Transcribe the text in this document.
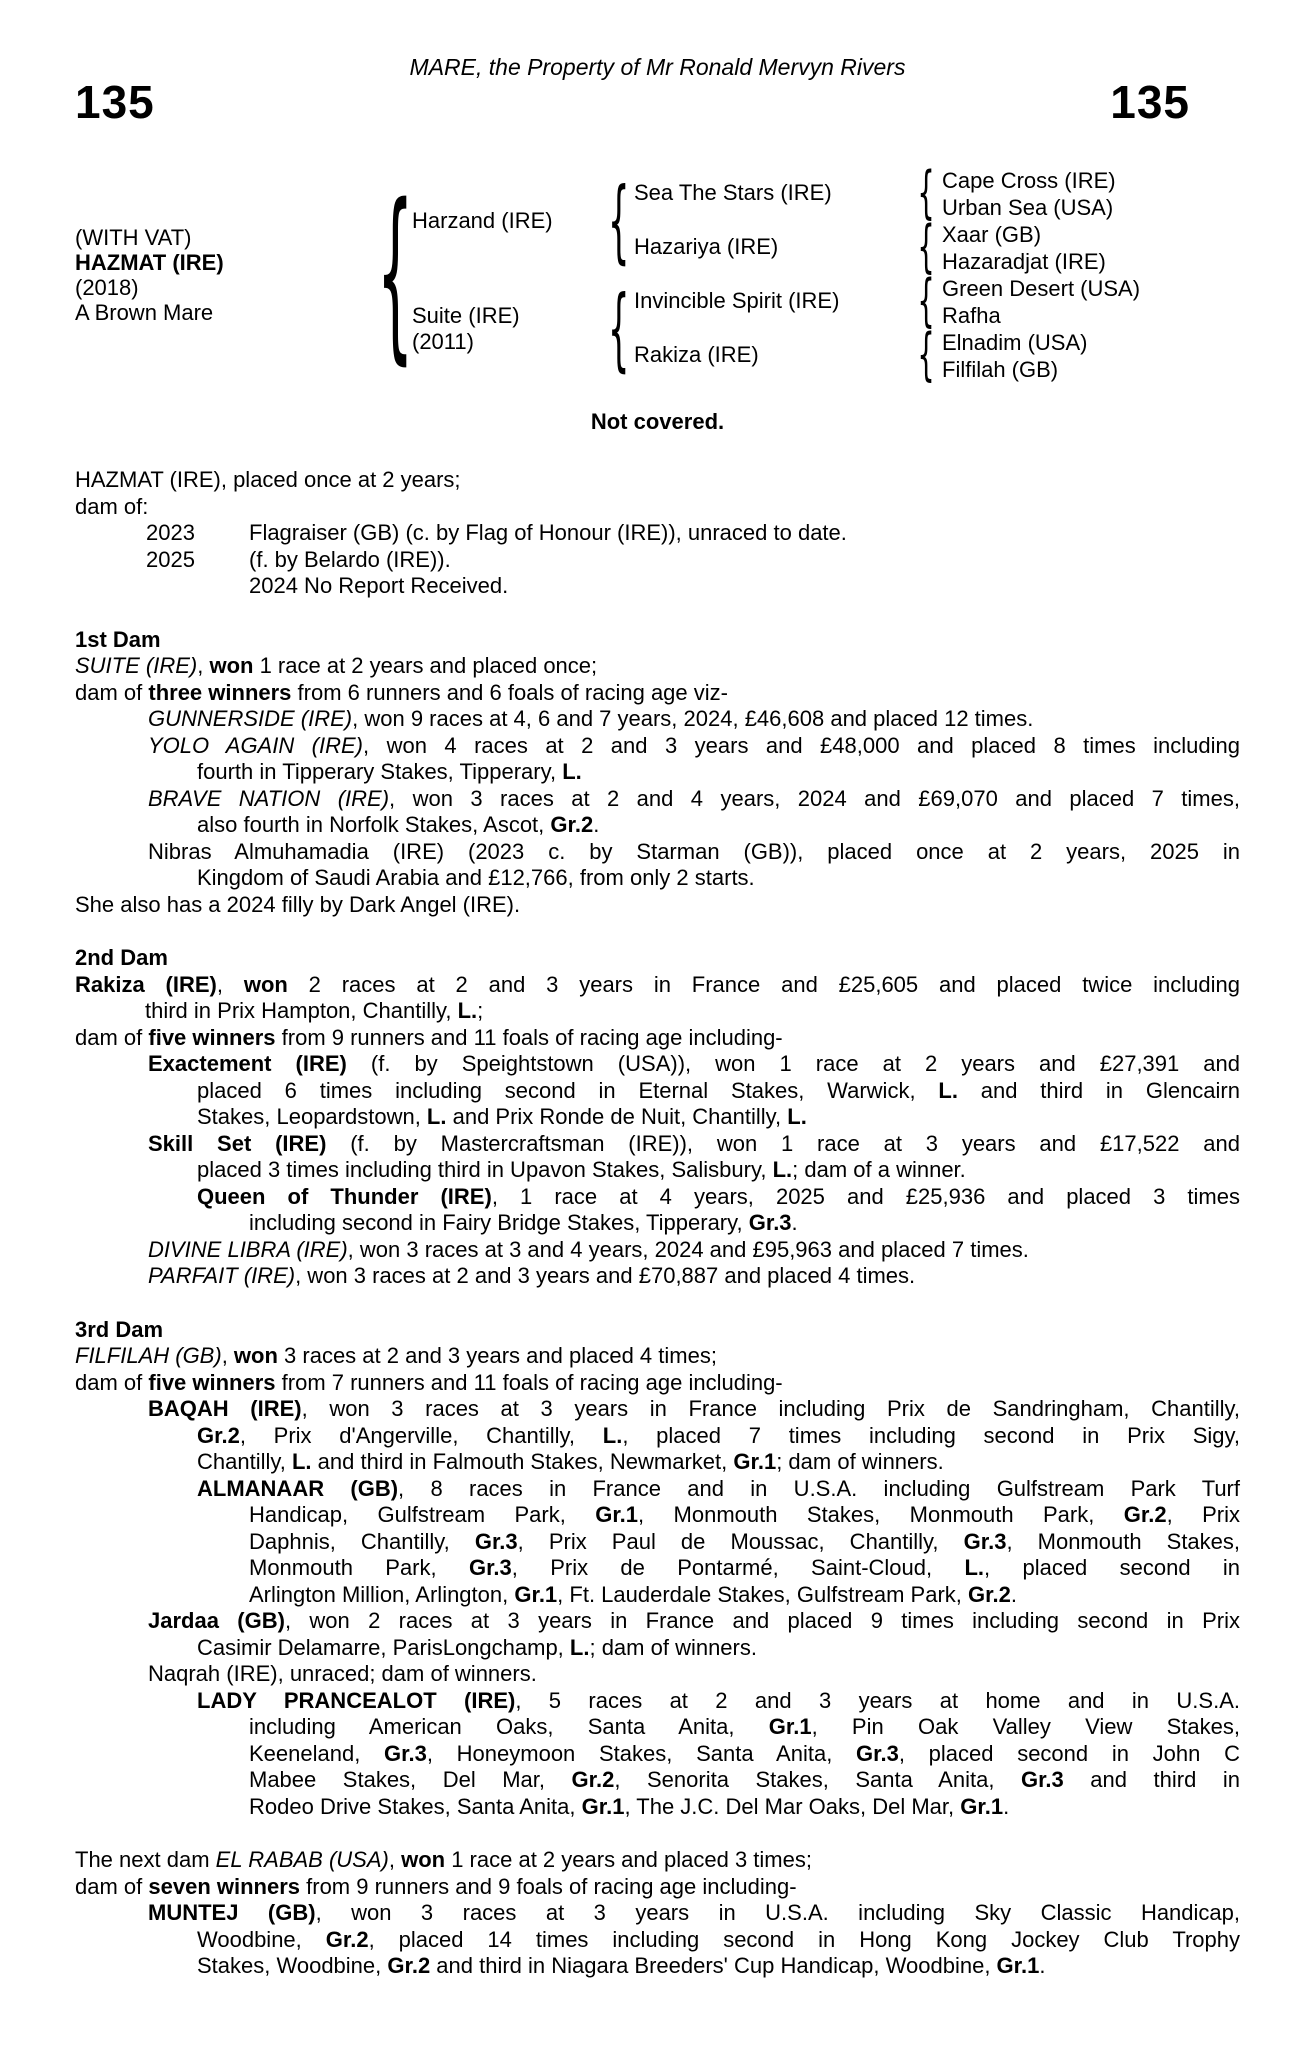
MARE, the Property of Mr Ronald Mervyn Rivers
135	135
(WITH VAT)
HAZMAT (IRE)
(2018)
A Brown Mare
{
Harzand (IRE)
Suite (IRE)
(2011)
{
{
Sea The Stars (IRE)
Hazariya (IRE)
Invincible Spirit (IRE)
Rakiza (IRE)
{
{
{
{
Cape Cross (IRE)
Urban Sea (USA)
Xaar (GB)
Hazaradjat (IRE)
Green Desert (USA)
Rafha
Elnadim (USA)
Filfilah (GB)
Not covered.
HAZMAT (IRE), placed once at 2 years;
dam of:
2023	Flagraiser (GB) (c. by Flag of Honour (IRE)), unraced to date.
2025	(f. by Belardo (IRE)).
2024 No Report Received.
1st Dam
SUITE (IRE), won 1 race at 2 years and placed once;
dam of three winners from 6 runners and 6 foals of racing age viz-
GUNNERSIDE (IRE), won 9 races at 4, 6 and 7 years, 2024, £46,608 and placed 12 times.
YOLO AGAIN (IRE), won 4 races at 2 and 3 years and £48,000 and placed 8 times including
fourth in Tipperary Stakes, Tipperary, L.
BRAVE NATION (IRE), won 3 races at 2 and 4 years, 2024 and £69,070 and placed 7 times,
also fourth in Norfolk Stakes, Ascot, Gr.2.
Nibras Almuhamadia (IRE) (2023 c. by Starman (GB)), placed once at 2 years, 2025 in
Kingdom of Saudi Arabia and £12,766, from only 2 starts.
She also has a 2024 filly by Dark Angel (IRE).
2nd Dam
Rakiza (IRE), won 2 races at 2 and 3 years in France and £25,605 and placed twice including
third in Prix Hampton, Chantilly, L.;
dam of five winners from 9 runners and 11 foals of racing age including-
Exactement (IRE) (f. by Speightstown (USA)), won 1 race at 2 years and £27,391 and
placed 6 times including second in Eternal Stakes, Warwick, L. and third in Glencairn
Stakes, Leopardstown, L. and Prix Ronde de Nuit, Chantilly, L.
Skill Set (IRE) (f. by Mastercraftsman (IRE)), won 1 race at 3 years and £17,522 and
placed 3 times including third in Upavon Stakes, Salisbury, L.; dam of a winner.
Queen of Thunder (IRE), 1 race at 4 years, 2025 and £25,936 and placed 3 times
including second in Fairy Bridge Stakes, Tipperary, Gr.3.
DIVINE LIBRA (IRE), won 3 races at 3 and 4 years, 2024 and £95,963 and placed 7 times.
PARFAIT (IRE), won 3 races at 2 and 3 years and £70,887 and placed 4 times.
3rd Dam
FILFILAH (GB), won 3 races at 2 and 3 years and placed 4 times;
dam of five winners from 7 runners and 11 foals of racing age including-
BAQAH (IRE), won 3 races at 3 years in France including Prix de Sandringham, Chantilly,
Gr.2, Prix d'Angerville, Chantilly, L., placed 7 times including second in Prix Sigy,
Chantilly, L. and third in Falmouth Stakes, Newmarket, Gr.1; dam of winners.
ALMANAAR (GB), 8 races in France and in U.S.A. including Gulfstream Park Turf
Handicap, Gulfstream Park, Gr.1, Monmouth Stakes, Monmouth Park, Gr.2, Prix
Daphnis, Chantilly, Gr.3, Prix Paul de Moussac, Chantilly, Gr.3, Monmouth Stakes,
Monmouth Park, Gr.3, Prix de Pontarmé, Saint-Cloud, L., placed second in
Arlington Million, Arlington, Gr.1, Ft. Lauderdale Stakes, Gulfstream Park, Gr.2.
Jardaa (GB), won 2 races at 3 years in France and placed 9 times including second in Prix
Casimir Delamarre, ParisLongchamp, L.; dam of winners.
Naqrah (IRE), unraced; dam of winners.
LADY PRANCEALOT (IRE), 5 races at 2 and 3 years at home and in U.S.A.
including American Oaks, Santa Anita, Gr.1, Pin Oak Valley View Stakes,
Keeneland, Gr.3, Honeymoon Stakes, Santa Anita, Gr.3, placed second in John C
Mabee Stakes, Del Mar, Gr.2, Senorita Stakes, Santa Anita, Gr.3 and third in
Rodeo Drive Stakes, Santa Anita, Gr.1, The J.C. Del Mar Oaks, Del Mar, Gr.1.
The next dam EL RABAB (USA), won 1 race at 2 years and placed 3 times;
dam of seven winners from 9 runners and 9 foals of racing age including-
MUNTEJ (GB), won 3 races at 3 years in U.S.A. including Sky Classic Handicap,
Woodbine, Gr.2, placed 14 times including second in Hong Kong Jockey Club Trophy
Stakes, Woodbine, Gr.2 and third in Niagara Breeders' Cup Handicap, Woodbine, Gr.1.
